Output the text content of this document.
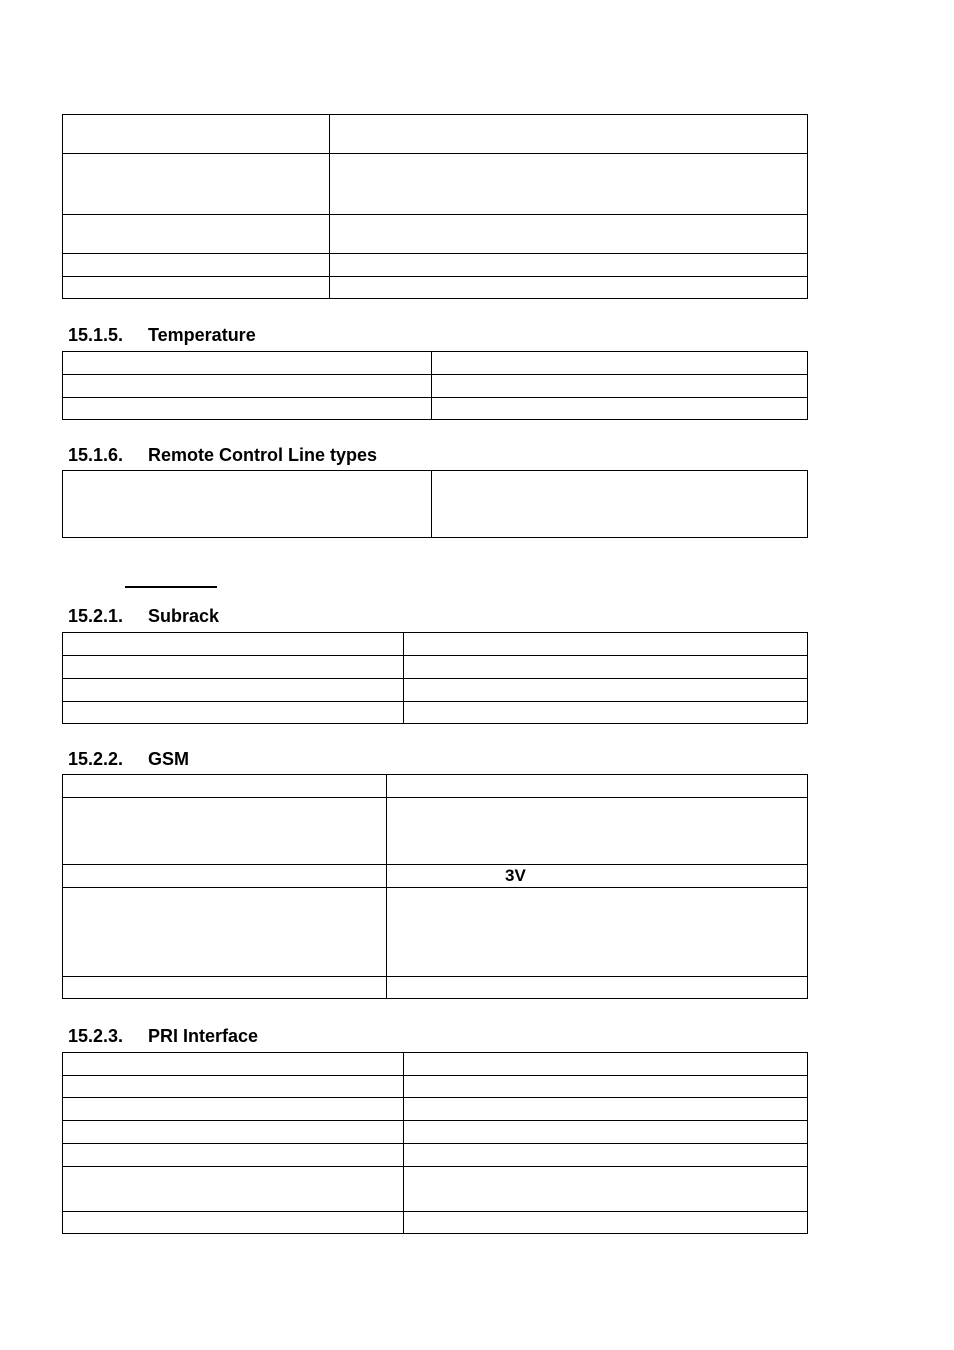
15.1.5. Temperature

15.1.6. Remote Control Line types

15.2.1. Subrack

15.2.2. GSM

	3V

15.2.3. PRI Interface
